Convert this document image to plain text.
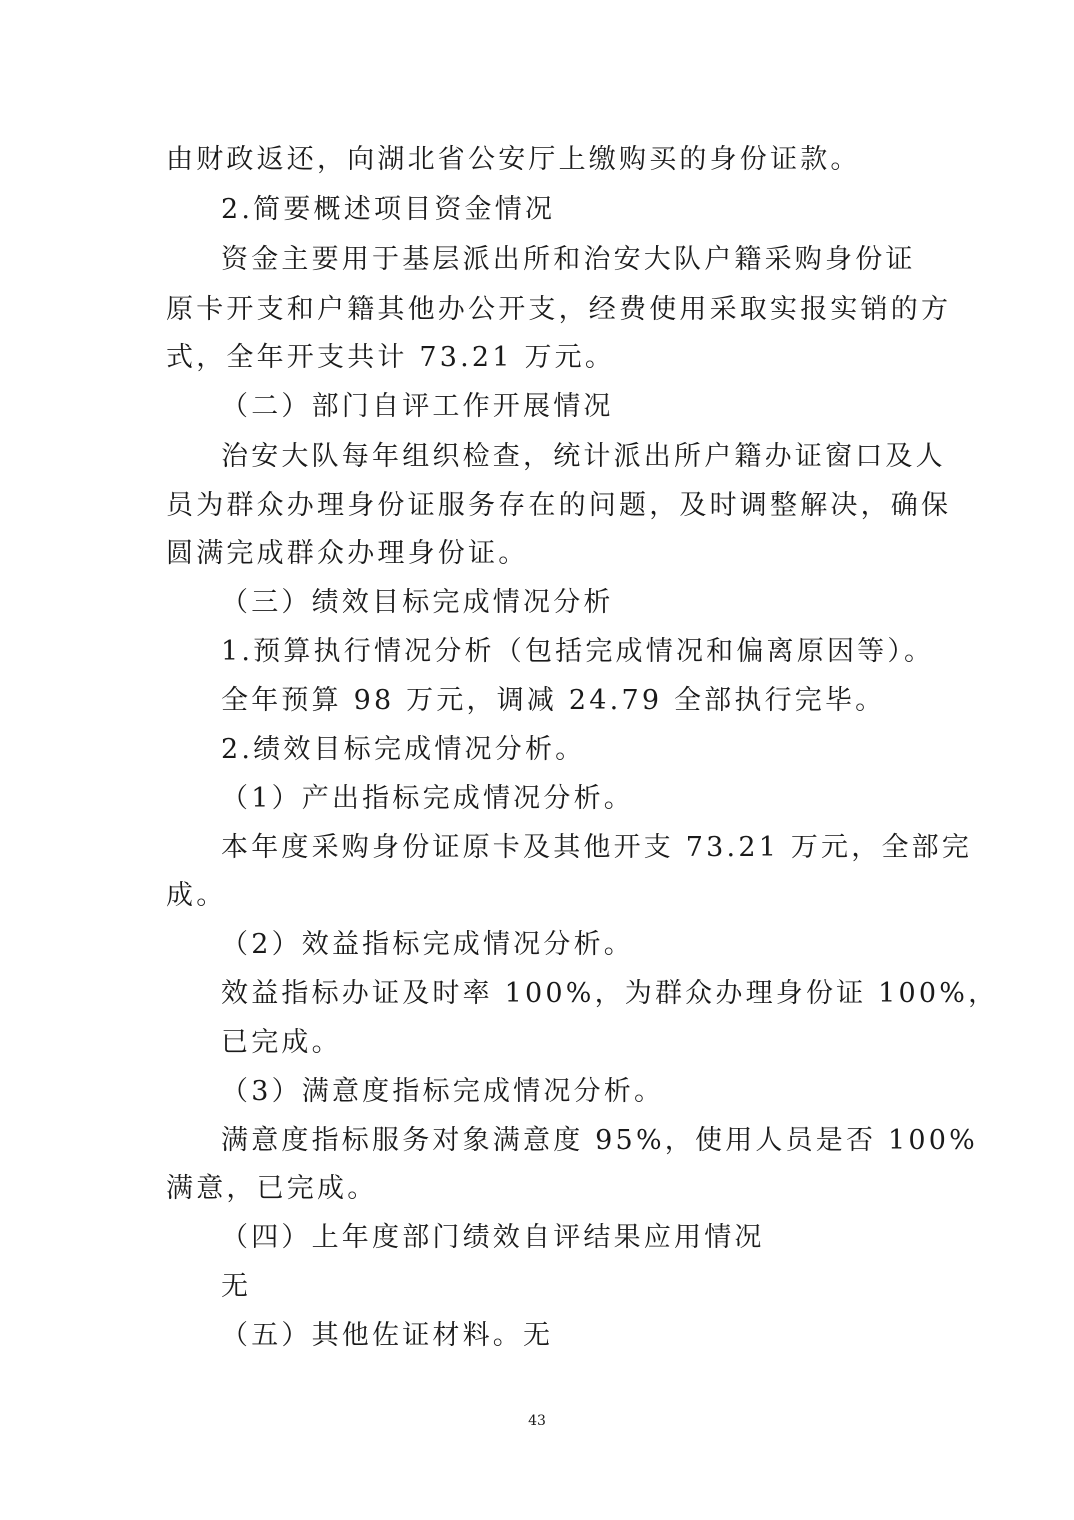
由财政返还，向湖北省公安厅上缴购买的身份证款。
2.简要概述项目资金情况
资金主要用于基层派出所和治安大队户籍采购身份证
原卡开支和户籍其他办公开支，经费使用采取实报实销的方
式，全年开支共计 73.21 万元。
（二）部门自评工作开展情况
治安大队每年组织检查，统计派出所户籍办证窗口及人
员为群众办理身份证服务存在的问题，及时调整解决，确保
圆满完成群众办理身份证。
（三）绩效目标完成情况分析
1.预算执行情况分析（包括完成情况和偏离原因等）。
全年预算 98 万元，调减 24.79 全部执行完毕。
2.绩效目标完成情况分析。
（1）产出指标完成情况分析。
本年度采购身份证原卡及其他开支 73.21 万元，全部完
成。
（2）效益指标完成情况分析。
效益指标办证及时率 100%，为群众办理身份证 100%，
已完成。
（3）满意度指标完成情况分析。
满意度指标服务对象满意度 95%，使用人员是否 100%
满意，已完成。
（四）上年度部门绩效自评结果应用情况
无
（五）其他佐证材料。无
43
